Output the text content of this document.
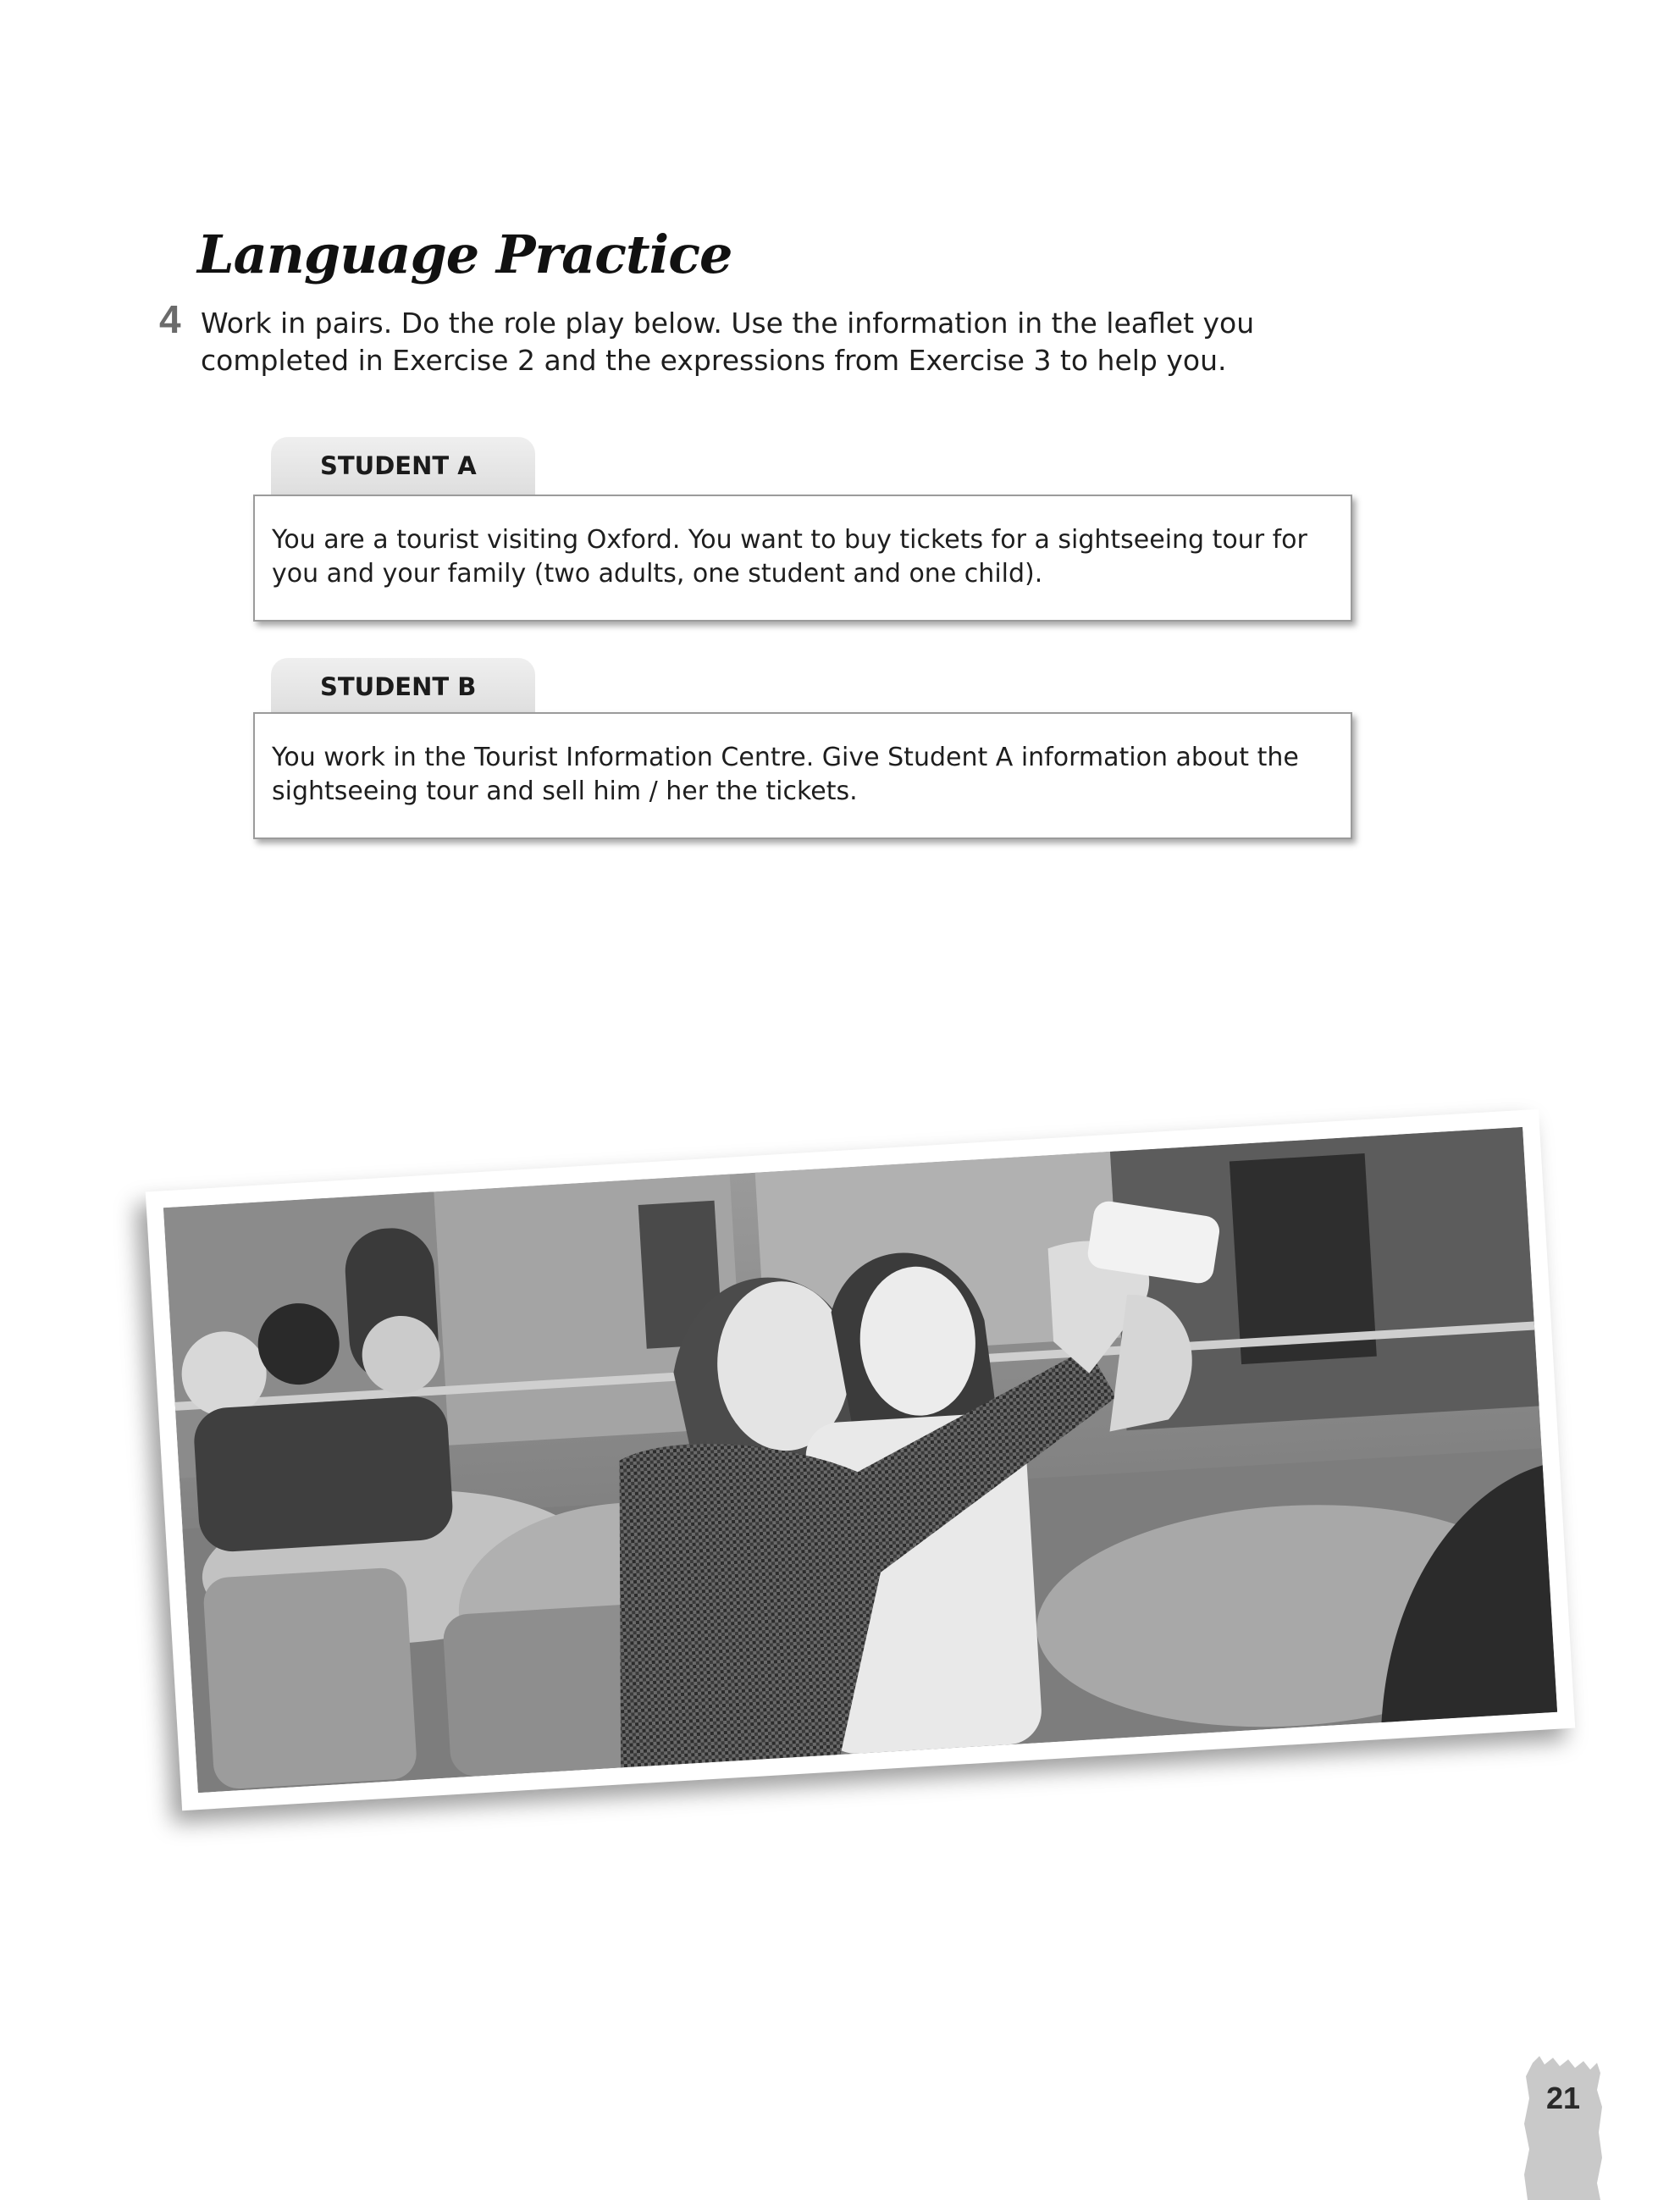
Language Practice
4 Work in pairs. Do the role play below. Use the information in the leaflet you completed in Exercise 2 and the expressions from Exercise 3 to help you.

STUDENT A
You are a tourist visiting Oxford. You want to buy tickets for a sightseeing tour for you and your family (two adults, one student and one child).
STUDENT B
You work in the Tourist Information Centre. Give Student A information about the sightseeing tour and sell him / her the tickets.
21
